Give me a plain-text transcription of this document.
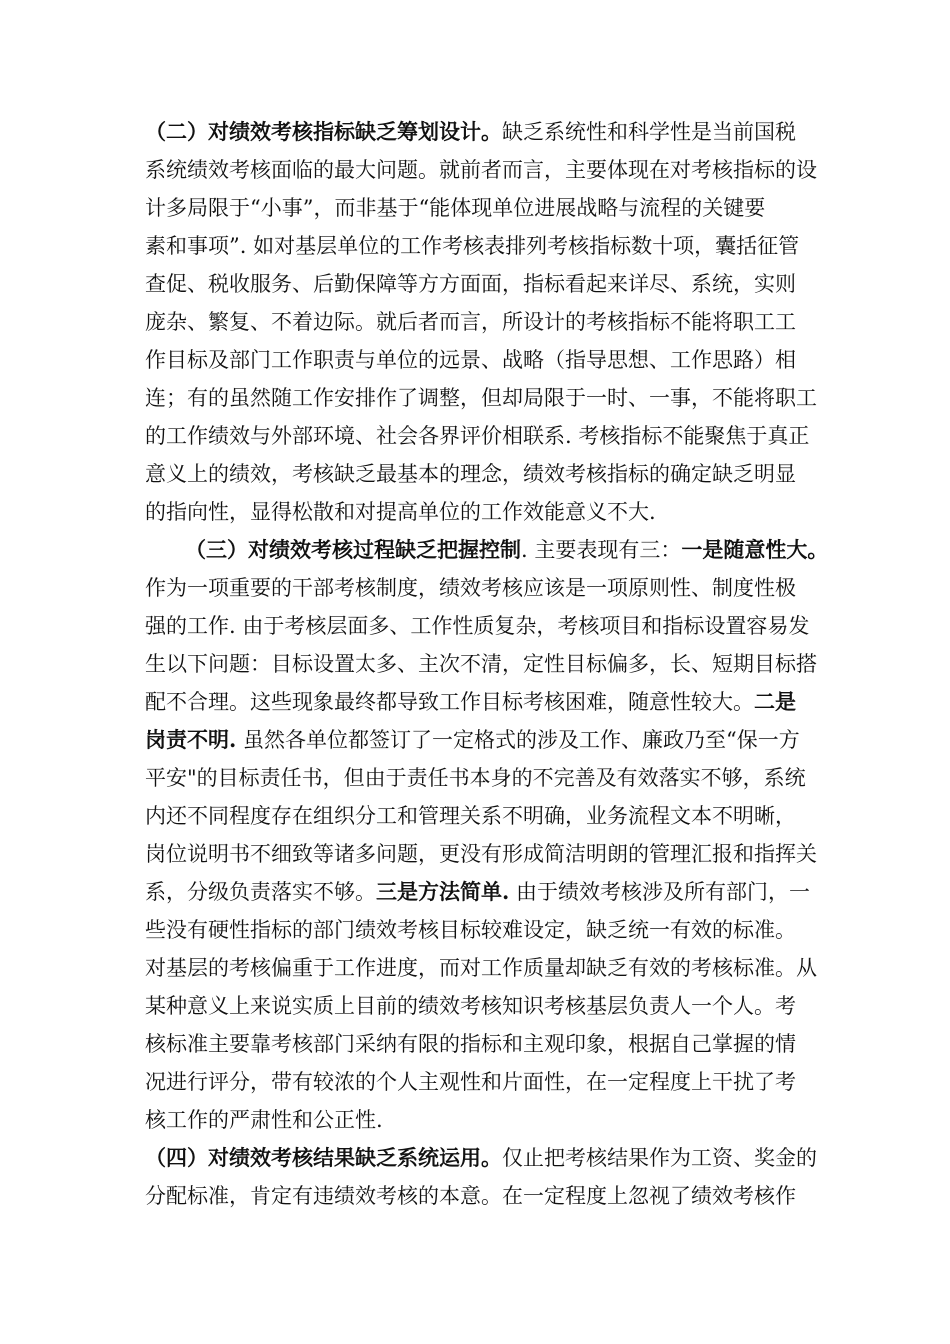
（二）对绩效考核指标缺乏筹划设计。缺乏系统性和科学性是当前国税
系统绩效考核面临的最大问题。就前者而言，主要体现在对考核指标的设
计多局限于“小事”，而非基于“能体现单位进展战略与流程的关键要
素和事项”. 如对基层单位的工作考核表排列考核指标数十项，囊括征管
查促、税收服务、后勤保障等方方面面，指标看起来详尽、系统，实则
庞杂、繁复、不着边际。就后者而言，所设计的考核指标不能将职工工
作目标及部门工作职责与单位的远景、战略（指导思想、工作思路）相
连；有的虽然随工作安排作了调整，但却局限于一时、一事，不能将职工
的工作绩效与外部环境、社会各界评价相联系. 考核指标不能聚焦于真正
意义上的绩效，考核缺乏最基本的理念，绩效考核指标的确定缺乏明显
的指向性，显得松散和对提高单位的工作效能意义不大.
（三）对绩效考核过程缺乏把握控制. 主要表现有三：一是随意性大。
作为一项重要的干部考核制度，绩效考核应该是一项原则性、制度性极
强的工作. 由于考核层面多、工作性质复杂，考核项目和指标设置容易发
生以下问题：目标设置太多、主次不清，定性目标偏多，长、短期目标搭
配不合理。这些现象最终都导致工作目标考核困难，随意性较大。二是
岗责不明. 虽然各单位都签订了一定格式的涉及工作、廉政乃至“保一方
平安"的目标责任书，但由于责任书本身的不完善及有效落实不够，系统
内还不同程度存在组织分工和管理关系不明确，业务流程文本不明晰，
岗位说明书不细致等诸多问题，更没有形成简洁明朗的管理汇报和指挥关
系，分级负责落实不够。三是方法简单. 由于绩效考核涉及所有部门，一
些没有硬性指标的部门绩效考核目标较难设定，缺乏统一有效的标准。
对基层的考核偏重于工作进度，而对工作质量却缺乏有效的考核标准。从
某种意义上来说实质上目前的绩效考核知识考核基层负责人一个人。考
核标准主要靠考核部门采纳有限的指标和主观印象，根据自己掌握的情
况进行评分，带有较浓的个人主观性和片面性，在一定程度上干扰了考
核工作的严肃性和公正性.
（四）对绩效考核结果缺乏系统运用。仅止把考核结果作为工资、奖金的
分配标准，肯定有违绩效考核的本意。在一定程度上忽视了绩效考核作
